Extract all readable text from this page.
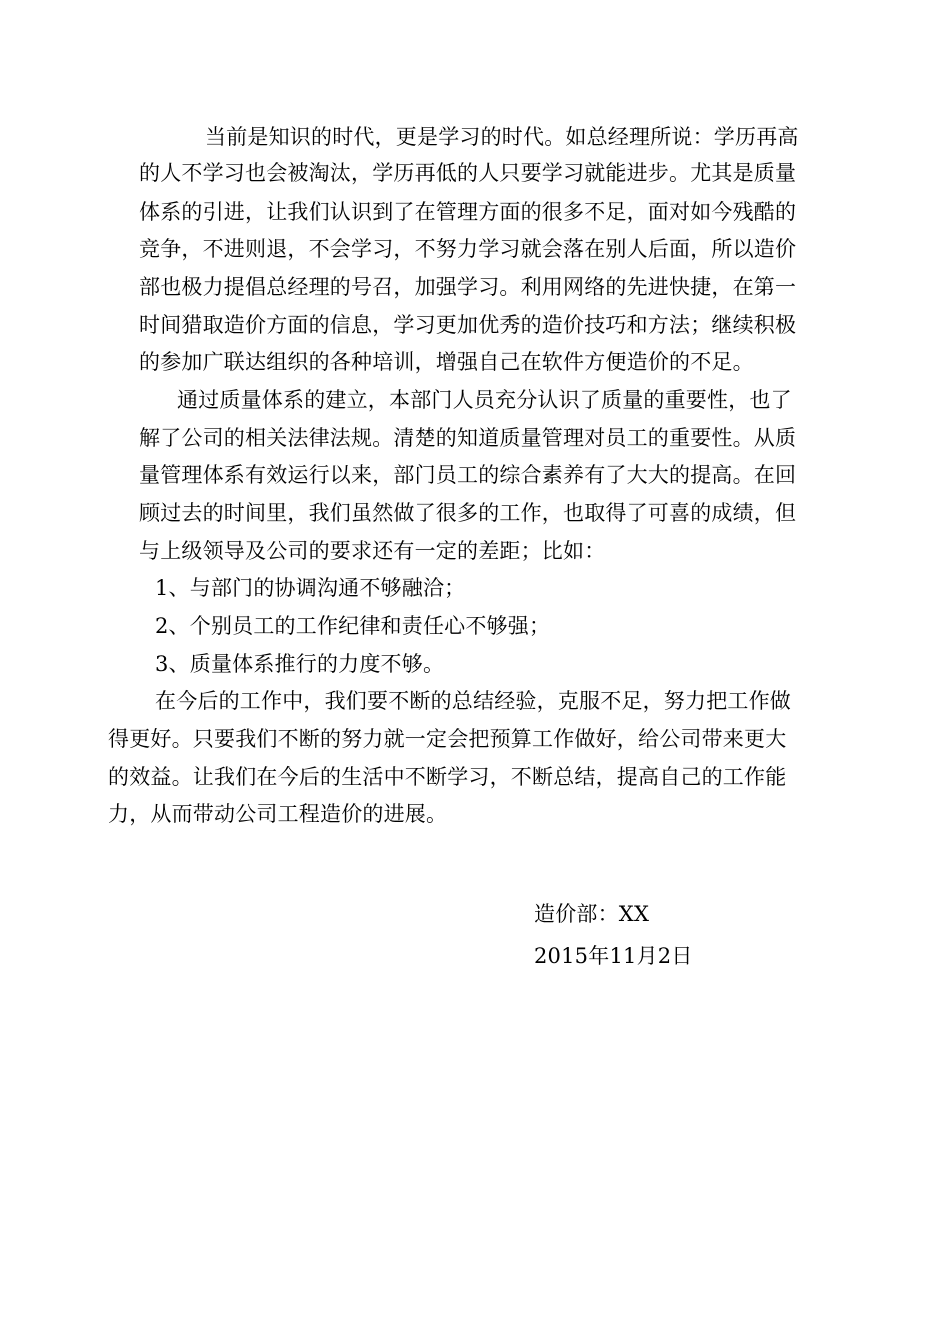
当前是知识的时代，更是学习的时代。如总经理所说：学历再高
的人不学习也会被淘汰，学历再低的人只要学习就能进步。尤其是质量
体系的引进，让我们认识到了在管理方面的很多不足，面对如今残酷的
竞争，不进则退，不会学习，不努力学习就会落在别人后面，所以造价
部也极力提倡总经理的号召，加强学习。利用网络的先进快捷，在第一
时间猎取造价方面的信息，学习更加优秀的造价技巧和方法；继续积极
的参加广联达组织的各种培训，增强自己在软件方便造价的不足。
通过质量体系的建立，本部门人员充分认识了质量的重要性，也了
解了公司的相关法律法规。清楚的知道质量管理对员工的重要性。从质
量管理体系有效运行以来，部门员工的综合素养有了大大的提高。在回
顾过去的时间里，我们虽然做了很多的工作，也取得了可喜的成绩，但
与上级领导及公司的要求还有一定的差距；比如：
1、与部门的协调沟通不够融洽；
2、个别员工的工作纪律和责任心不够强；
3、质量体系推行的力度不够。
在今后的工作中，我们要不断的总结经验，克服不足，努力把工作做
得更好。只要我们不断的努力就一定会把预算工作做好，给公司带来更大
的效益。让我们在今后的生活中不断学习，不断总结，提高自己的工作能
力，从而带动公司工程造价的进展。
造价部：XX
2015年11月2日
